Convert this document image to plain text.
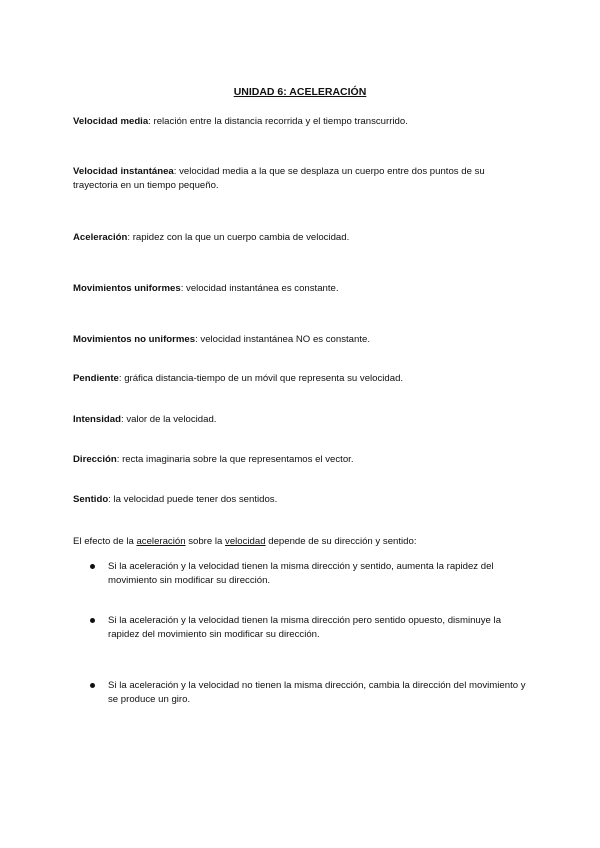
UNIDAD 6: ACELERACIÓN
Velocidad media: relación entre la distancia recorrida y el tiempo transcurrido.
Velocidad instantánea: velocidad media a la que se desplaza un cuerpo entre dos puntos de su trayectoria en un tiempo pequeño.
Aceleración: rapidez con la que un cuerpo cambia de velocidad.
Movimientos uniformes: velocidad instantánea es constante.
Movimientos no uniformes: velocidad instantánea NO es constante.
Pendiente: gráfica distancia-tiempo de un móvil que representa su velocidad.
Intensidad: valor de la velocidad.
Dirección: recta imaginaria sobre la que representamos el vector.
Sentido: la velocidad puede tener dos sentidos.
El efecto de la aceleración sobre la velocidad depende de su dirección y sentido:
Si la aceleración y la velocidad tienen la misma dirección y sentido, aumenta la rapidez del movimiento sin modificar su dirección.
Si la aceleración y la velocidad tienen la misma dirección pero sentido opuesto, disminuye la rapidez del movimiento sin modificar su dirección.
Si la aceleración y la velocidad no tienen la misma dirección, cambia la dirección del movimiento y se produce un giro.
